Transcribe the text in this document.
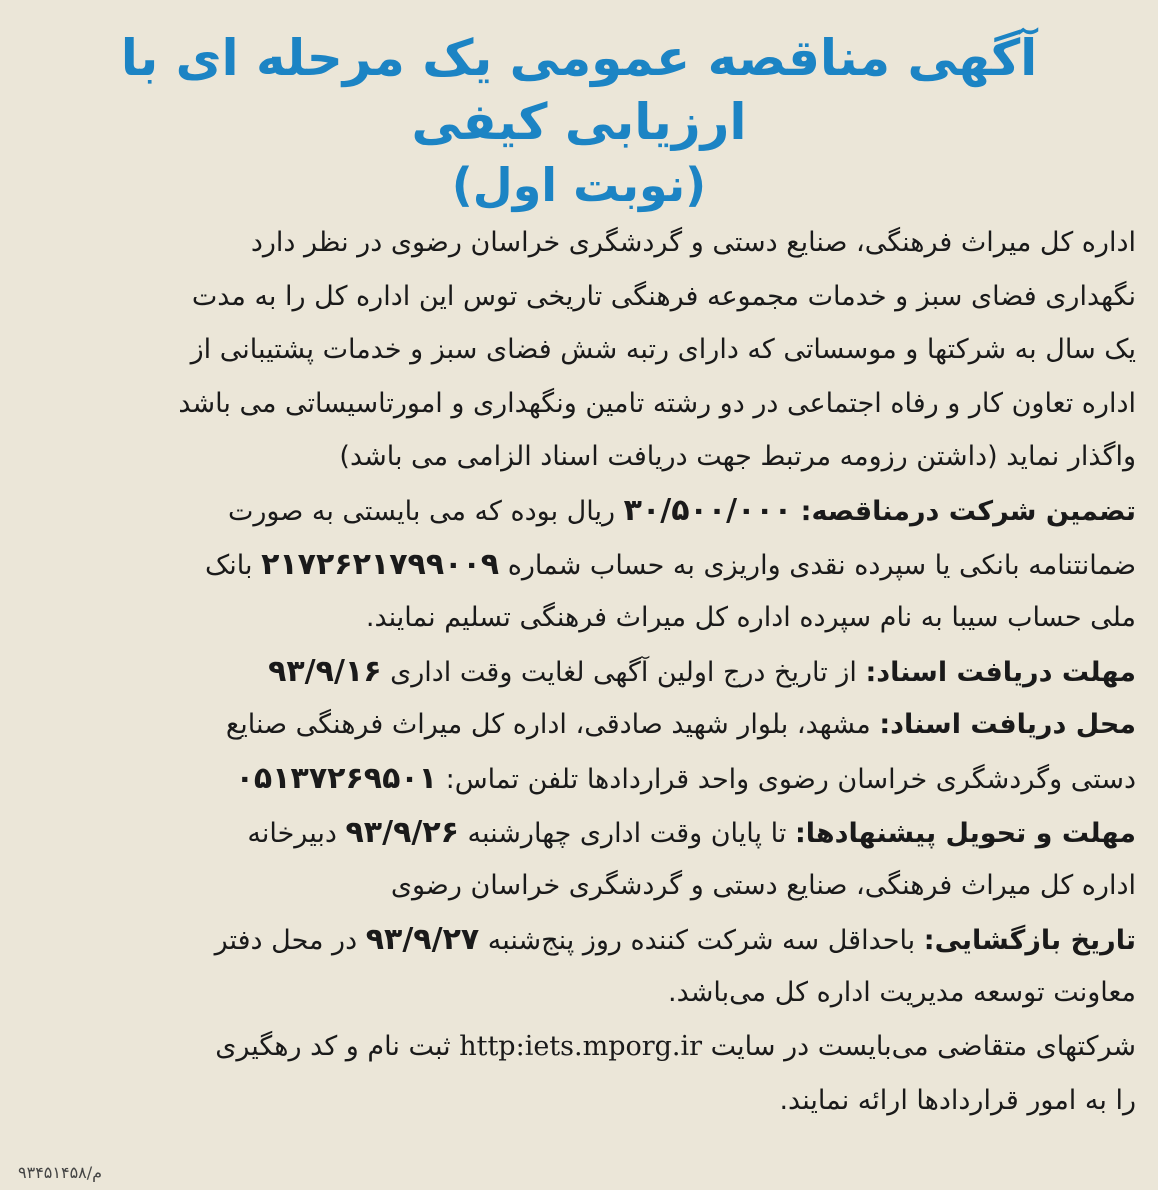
آگهی مناقصه عمومی یک مرحله ای با ارزیابی کیفی
(نوبت اول)
اداره کل میراث فرهنگی، صنایع دستی و گردشگری خراسان رضوی در نظر دارد
نگهداری فضای سبز و خدمات مجموعه فرهنگی تاریخی توس این اداره کل را به مدت
یک سال به شرکتها و موسساتی که دارای رتبه شش فضای سبز و خدمات پشتیبانی از
اداره تعاون کار و رفاه اجتماعی در دو رشته تامین ونگهداری و امورتاسیساتی می باشد
واگذار نماید (داشتن رزومه مرتبط جهت دریافت اسناد الزامی می باشد)
تضمین شرکت درمناقصه: ۳۰/۵۰۰/۰۰۰ ریال بوده که می بایستی به صورت
ضمانتنامه بانکی یا سپرده نقدی واریزی به حساب شماره ۲۱۷۲۶۲۱۷۹۹۰۰۹ بانک
ملی حساب سیبا به نام سپرده اداره کل میراث فرهنگی تسلیم نمایند.
مهلت دریافت اسناد: از تاریخ درج اولین آگهی لغایت وقت اداری ۹۳/۹/۱۶
محل دریافت اسناد: مشهد، بلوار شهید صادقی، اداره کل میراث فرهنگی صنایع
دستی وگردشگری خراسان رضوی واحد قراردادها تلفن تماس: ۰۵۱۳۷۲۶۹۵۰۱
مهلت و تحویل پیشنهادها: تا پایان وقت اداری چهارشنبه ۹۳/۹/۲۶ دبیرخانه
اداره کل میراث فرهنگی، صنایع دستی و گردشگری خراسان رضوی
تاریخ بازگشایی: باحداقل سه شرکت کننده روز پنج‌شنبه ۹۳/۹/۲۷ در محل دفتر
معاونت توسعه مدیریت اداره کل می‌باشد.
شرکتهای متقاضی می‌بایست در سایت http:iets.mporg.ir ثبت نام و کد رهگیری
را به امور قراردادها ارائه نمایند.
م/۹۳۴۵۱۴۵۸
